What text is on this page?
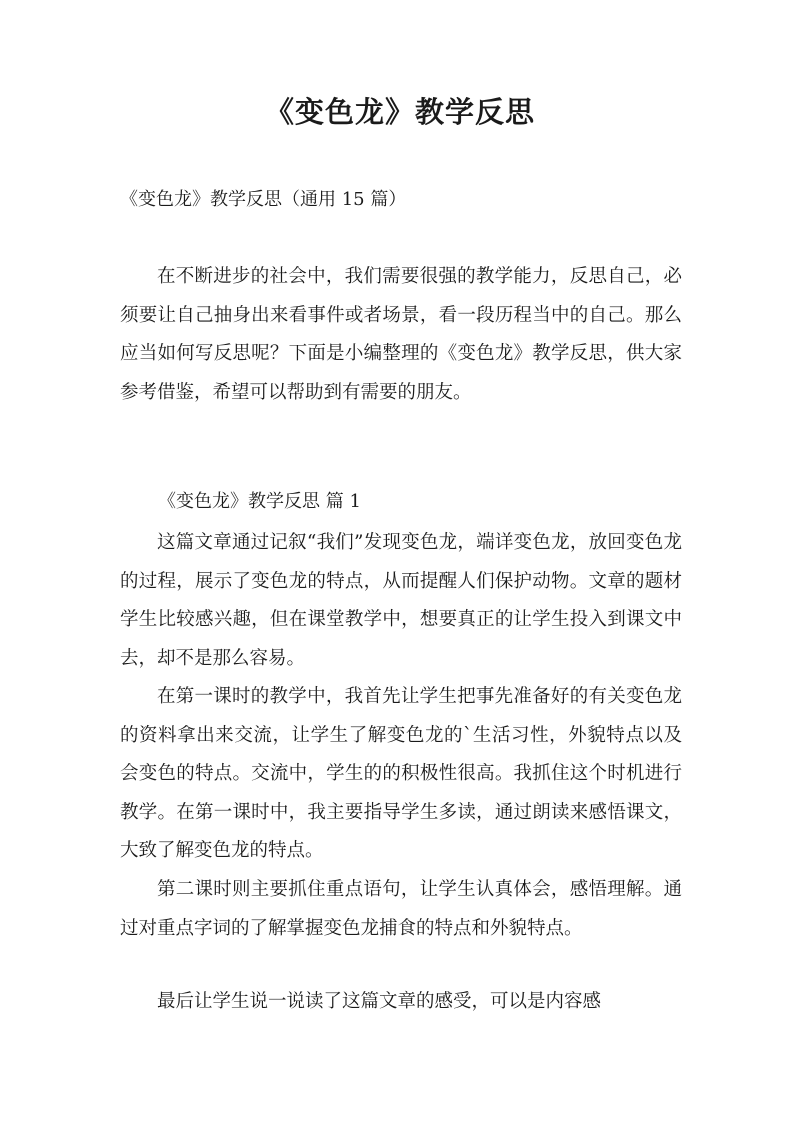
《变色龙》教学反思
《变色龙》教学反思（通用 15 篇）

在不断进步的社会中，我们需要很强的教学能力，反思自己，必须要让自己抽身出来看事件或者场景，看一段历程当中的自己。那么应当如何写反思呢？下面是小编整理的《变色龙》教学反思，供大家参考借鉴，希望可以帮助到有需要的朋友。

《变色龙》教学反思 篇 1

这篇文章通过记叙“我们”发现变色龙，端详变色龙，放回变色龙的过程，展示了变色龙的特点，从而提醒人们保护动物。文章的题材学生比较感兴趣，但在课堂教学中，想要真正的让学生投入到课文中去，却不是那么容易。

在第一课时的教学中，我首先让学生把事先准备好的有关变色龙的资料拿出来交流，让学生了解变色龙的`生活习性，外貌特点以及会变色的特点。交流中，学生的的积极性很高。我抓住这个时机进行教学。在第一课时中，我主要指导学生多读，通过朗读来感悟课文，大致了解变色龙的特点。

第二课时则主要抓住重点语句，让学生认真体会，感悟理解。通过对重点字词的了解掌握变色龙捕食的特点和外貌特点。

最后让学生说一说读了这篇文章的感受，可以是内容感
